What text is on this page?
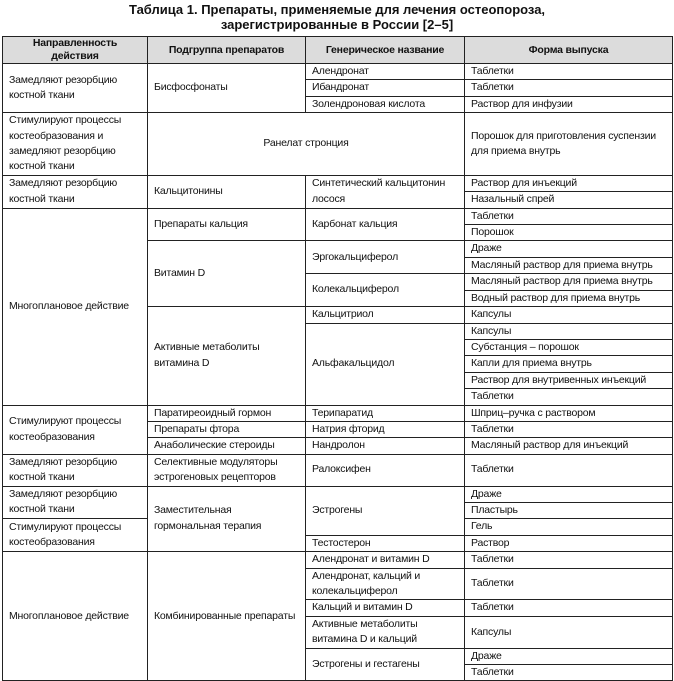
Таблица 1. Препараты, применяемые для лечения остеопороза,
зарегистрированные в России [2–5]
Направленность действия	Подгруппа препаратов	Генерическое название	Форма выпуска
Замедляют резорбцию костной ткани	Бисфосфонаты	Алендронат	Таблетки
		Ибандронат	Таблетки
		Золендроновая кислота	Раствор для инфузии
Стимулируют процессы костеобразования и замедляют резорбцию костной ткани	Ранелат стронция		Порошок для приготовления суспензии для приема внутрь
Замедляют резорбцию костной ткани	Кальцитонины	Синтетический кальцитонин лосося	Раствор для инъекций
			Назальный спрей
Многоплановое действие	Препараты кальция	Карбонат кальция	Таблетки
			Порошок
	Витамин D	Эргокальциферол	Драже
			Масляный раствор для приема внутрь
		Колекальциферол	Масляный раствор для приема внутрь
			Водный раствор для приема внутрь
	Активные метаболиты витамина D	Кальцитриол	Капсулы
		Альфакальцидол	Капсулы
			Субстанция – порошок
			Капли для приема внутрь
			Раствор для внутривенных инъекций
			Таблетки
Стимулируют процессы костеобразования	Паратиреоидный гормон	Терипаратид	Шприц–ручка с раствором
	Препараты фтора	Натрия фторид	Таблетки
	Анаболические стероиды	Нандролон	Масляный раствор для инъекций
Замедляют резорбцию костной ткани	Селективные модуляторы эстрогеновых рецепторов	Ралоксифен	Таблетки
Замедляют резорбцию костной ткани	Заместительная гормональная терапия	Эстрогены	Драже
			Пластырь
Стимулируют процессы костеобразования			Гель
		Тестостерон	Раствор
Многоплановое действие	Комбинированные препараты	Алендронат и витамин D	Таблетки
		Алендронат, кальций и колекальциферол	Таблетки
		Кальций и витамин D	Таблетки
		Активные метаболиты витамина D и кальций	Капсулы
		Эстрогены и гестагены	Драже
			Таблетки
